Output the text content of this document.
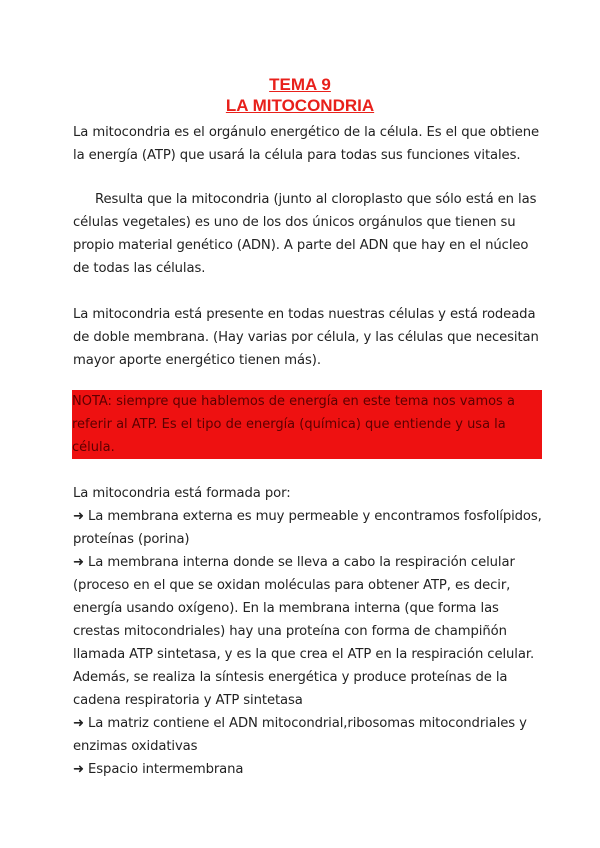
TEMA 9
LA MITOCONDRIA
La mitocondria es el orgánulo energético de la célula. Es el que obtiene la energía (ATP) que usará la célula para todas sus funciones vitales.
Resulta que la mitocondria (junto al cloroplasto que sólo está en las células vegetales) es uno de los dos únicos orgánulos que tienen su propio material genético (ADN). A parte del ADN que hay en el núcleo de todas las células.
La mitocondria está presente en todas nuestras células y está rodeada de doble membrana. (Hay varias por célula, y las células que necesitan mayor aporte energético tienen más).
NOTA: siempre que hablemos de energía en este tema nos vamos a referir al ATP. Es el tipo de energía (química) que entiende y usa la célula.
La mitocondria está formada por:
➜ La membrana externa es muy permeable y encontramos fosfolípidos, proteínas (porina)
➜ La membrana interna donde se lleva a cabo la respiración celular (proceso en el que se oxidan moléculas para obtener ATP, es decir, energía usando oxígeno). En la membrana interna (que forma las crestas mitocondriales) hay una proteína con forma de champiñón llamada ATP sintetasa, y es la que crea el ATP en la respiración celular. Además, se realiza la síntesis energética y produce proteínas de la cadena respiratoria y ATP sintetasa
➜ La matriz contiene el ADN mitocondrial,ribosomas mitocondriales y enzimas oxidativas
➜ Espacio intermembrana
